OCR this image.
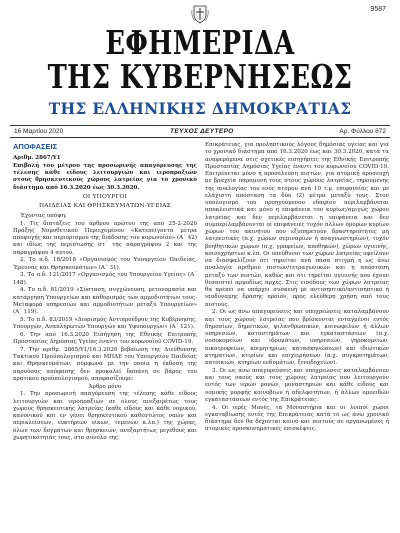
9587
ΕΦΗΜΕΡΙΔΑ
ΤΗΣ ΚΥΒΕΡΝΗΣΕΩΣ
ΤΗΣ ΕΛΛΗΝΙΚΗΣ ΔΗΜΟΚΡΑΤΙΑΣ
16 Μαρτίου 2020	ΤΕΥΧΟΣ ΔΕΥΤΕΡΟ	Αρ. Φύλλου 872
ΑΠΟΦΑΣΕΙΣ

Αριθμ. 2867/Υ1

Επιβολή του μέτρου της προσωρινής απαγόρευσης της τέλεσης κάθε είδους λειτουργιών και ιεροπραξιών στους θρησκευτικούς χώρους λατρείας για το χρονικό διάστημα από 16.3.2020 έως 30.3.2020.

ΟΙ ΥΠΟΥΡΓΟΙ

ΠΑΙΔΕΙΑΣ ΚΑΙ ΘΡΗΣΚΕΥΜΑΤΩΝ-ΥΓΕΙΑΣ

Έχοντας υπόψη:

1. Τις διατάξεις του άρθρου πρώτου της από 25-2-2020 Πράξης Νομοθετικού Περιεχομένου «Κατεπείγοντα μέτρα αποφυγής και περιορισμού της διάδοσης του κορωνοϊού» (Α΄ 42) και ιδίως της περίπτωσης στ΄ της παραγράφου 2 και της παραγράφου 4 αυτού.

2. Το π.δ. 18/2018 «Οργανισμός του Υπουργείου Παιδείας, Έρευνας και Θρησκευμάτων» (Α΄ 31).

3. Το π.δ. 121/2017 «Οργανισμός του Υπουργείου Υγείας» (Α΄ 148).

4. Το π.δ. 81/2019 «Σύσταση, συγχώνευση, μετονομασία και κατάργηση Υπουργείων και καθορισμός των αρμοδιοτήτων τους-Μεταφορά υπηρεσιών και αρμοδιοτήτων μεταξύ Υπουργείων» (Α΄ 119).

5. Το π.δ. 83/2019 «Διορισμός Αντιπροέδρου της Κυβέρνησης, Υπουργών, Αναπληρωτών Υπουργών και Υφυπουργών» (Α΄ 121).

6. Την από 16.3.2020 Εισήγηση της Εθνικής Επιτροπής Προστασίας Δημόσιας Υγείας έναντι του κορωνοϊού COVID-19.

7. Την αριθμ. 2865/Υ1/16.3.2020 βεβαίωση της Διεύθυνσης Τακτικού Προϋπολογισμού και ΜΠΔΕ του Υπουργείου Παιδείας και Θρησκευμάτων, σύμφωνα με την οποία η έκδοση της παρούσας απόφασης δεν προκαλεί δαπάνη σε βάρος του κρατικού προϋπολογισμού, αποφασίζουμε:

Άρθρο μόνο

1. Την προσωρινή απαγόρευση της τέλεσης κάθε είδους λειτουργιών και ιεροπραξιών σε όλους ανεξαιρέτως τους χώρους θρησκευτικής λατρείας (κάθε είδους και κάθε νομικού, κανονικού και εν γένει θρησκευτικού καθεστώτος ναών και περικλείσεων, ευκτήριων οίκων, τεμενών κ.λπ.) της χώρας, όλων των δογμάτων και θρησκειών, ανεξαρτήτως μεγέθους και χωρητικότητάς τους, στο σύνολο της

Επικράτειας, για προληπτικούς λόγους δημόσιας υγείας και για το χρονικό διάστημα από 16.3.2020 έως και 30.3.2020, κατά τα αναφερόμενα στις σχετικές εισηγήσεις της Εθνικής Επιτροπής Προστασίας Δημόσιας Υγείας έναντι του κορωνοϊού COVID-19. Επιτρέπεται μόνο η προσέλευση πιστών, για ατομική προσευχή με βραχεία παραμονή τους στους χώρους λατρείας, τηρουμένης της αναλογίας του ενός ατόμου ανά 10 τ.μ. επιφανείας και με ελάχιστη απόσταση τα δύο (2) μέτρα μεταξύ τους. Στον υπολογισμό του προηγούμενου εδαφίου περιλαμβάνεται αποκλειστικά και μόνο η επιφάνεια του κυρίως/αμιγώς χώρου λατρείας και δεν περιλαμβάνεται η επιφάνεια και δεν συμπεριλαμβάνονται οι επιφάνειες τυχόν άλλων όμορων κυρίων χώρων του ακινήτου που εξυπηρετούν δραστηριότητες μη λατρευτικές (π.χ. χώρων σεμιναρίων ή αναγνωστηρίων), τυχόν βοηθητικών χώρων (π.χ. γραφείων, αποθηκών), χώρων υγιεινής, κοινοχρήστων κ.λπ. Οι υπεύθυνοι των χώρων λατρείας οφείλουν να διασφαλίζουν ότι τηρείται ανά πάσα στιγμή η ως άνω αναλογία αριθμού πιστών/τετραγωνικών και η απόσταση μεταξύ των πιστών, καθώς και ότι τηρείται υγιεινής που έχουν θεσπιστεί αρμοδίως αρχές. Στις εισόδους των χώρων λατρείας θα πρέπει να υπάρχει συσκευή με αντισηπτικό/αντισηπτικό ή ισοδύναμης δράσης προϊόν, προς ελεύθερη χρήση από τους πιστούς.

2. Οι ως άνω απαγορεύσεις και υποχρεώσεις καταλαμβάνουν και τους χώρους λατρείας που βρίσκονται ενταγμένοι εντός δημοσίων, δημοτικών, φιλανθρωπικών, κοινωφελών ή άλλων υπηρεσιών, καταστημάτων και εγκαταστάσεων (π.χ. νοσοκομείων και ιδρυμάτων, υπηρεσιών, γηροκομείων, οικοτροφείων, κοιμητηρίων, κατασκηνώσεων) και ιδιωτικών κτηματίων, κτιρίων και επιχειρήσεων (π.χ. συγκροτημάτων, κατοικιών, κτηρίων ενδυμάτων, ξενοδοχείων).

3. Οι ως άνω απαγορεύσεις και υποχρεώσεις καταλαμβάνουν και τους ναούς και τους χώρους λατρείας που λειτουργούν εντός των ιερών μονών, μοναστηριών και κάθε είδους και νομικής μορφής κοινοβίων ή αδελφοτήτων, ή άλλων ομοειδών εγκαταστάσεων εντός της Επικράτειας.

4. Οι ιερές Μονές, τα Μοναστήρια και οι λοιποί χώροι εγκαταβίωσης εντός της Επικράτειας κατά το ως άνω χρονικό διάστημα δεν θα δέχονται κοινό και πιστούς σε οργανωμένες ή ατομικές προσκυνηματικές επισκέψεις.
